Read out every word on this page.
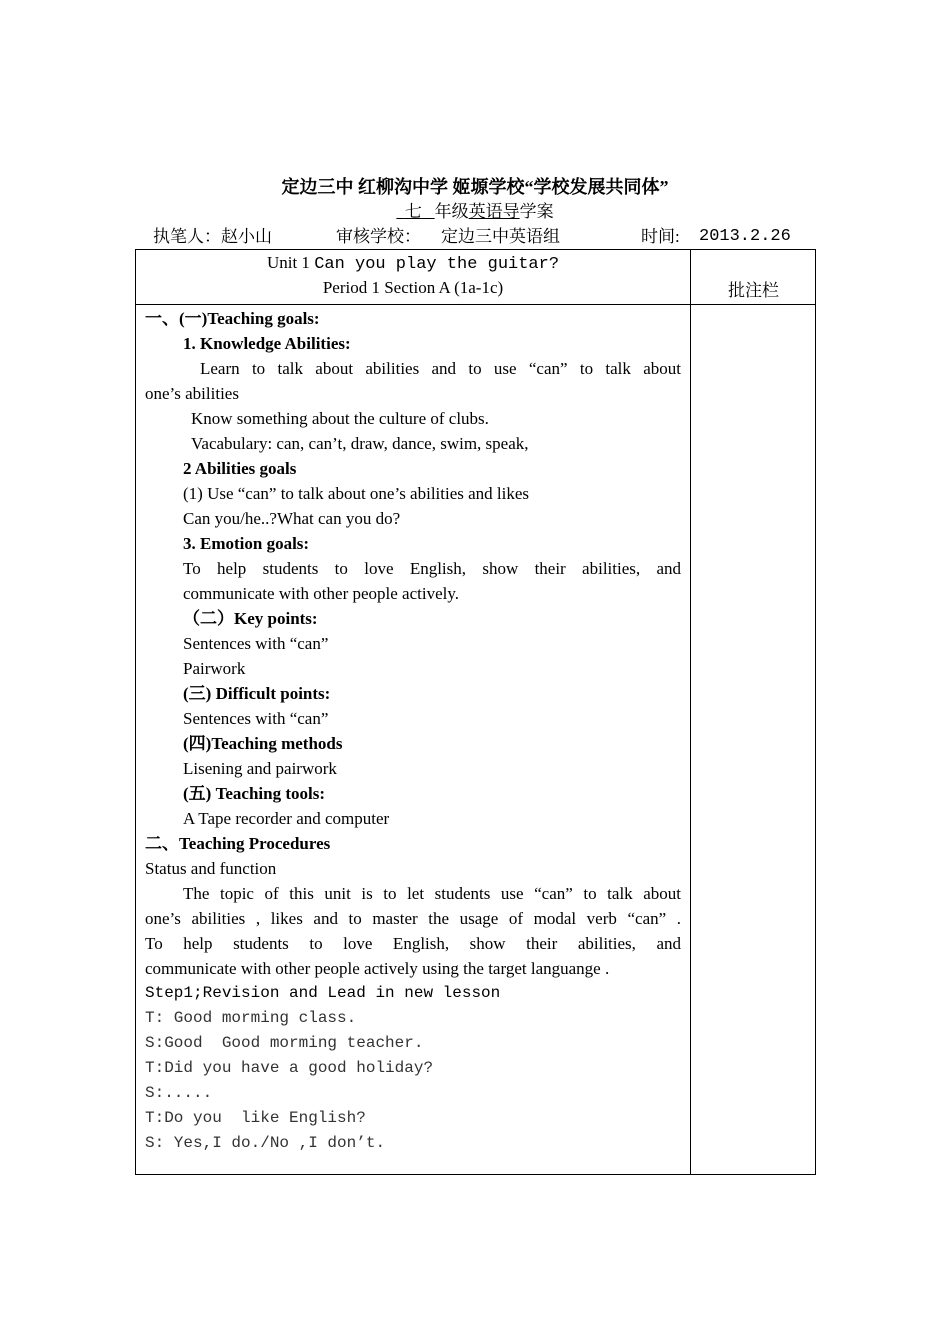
定边三中 红柳沟中学 姬塬学校“学校发展共同体”
七 年级英语导学案
执笔人：赵小山	审核学校： 定边三中英语组	时间: 2013.2.26
Unit 1 Can you play the guitar?
Period 1 Section A (1a-1c)	批注栏
一、(一)Teaching goals:
1. Knowledge Abilities:
Learn to talk about abilities and to use “can” to talk about
one’s abilities
Know something about the culture of clubs.
Vacabulary: can, can’t, draw, dance, swim, speak,
2 Abilities goals
(1) Use “can” to talk about one’s abilities and likes
Can you/he..?What can you do?
3. Emotion goals:
To help students to love English, show their abilities, and
communicate with other people actively.
（二）Key points:
Sentences with “can”
Pairwork
(三) Difficult points:
Sentences with “can”
(四)Teaching methods
Lisening and pairwork
(五) Teaching tools:
A Tape recorder and computer
二、Teaching Procedures
Status and function
The topic of this unit is to let students use “can” to talk about
one’s abilities , likes and to master the usage of modal verb “can” .
To help students to love English, show their abilities, and
communicate with other people actively using the target languange .
Step1;Revision and Lead in new lesson
T: Good morming class.
S:Good  Good morming teacher.
T:Did you have a good holiday?
S:.....
T:Do you  like English?
S: Yes,I do./No ,I don’t.
